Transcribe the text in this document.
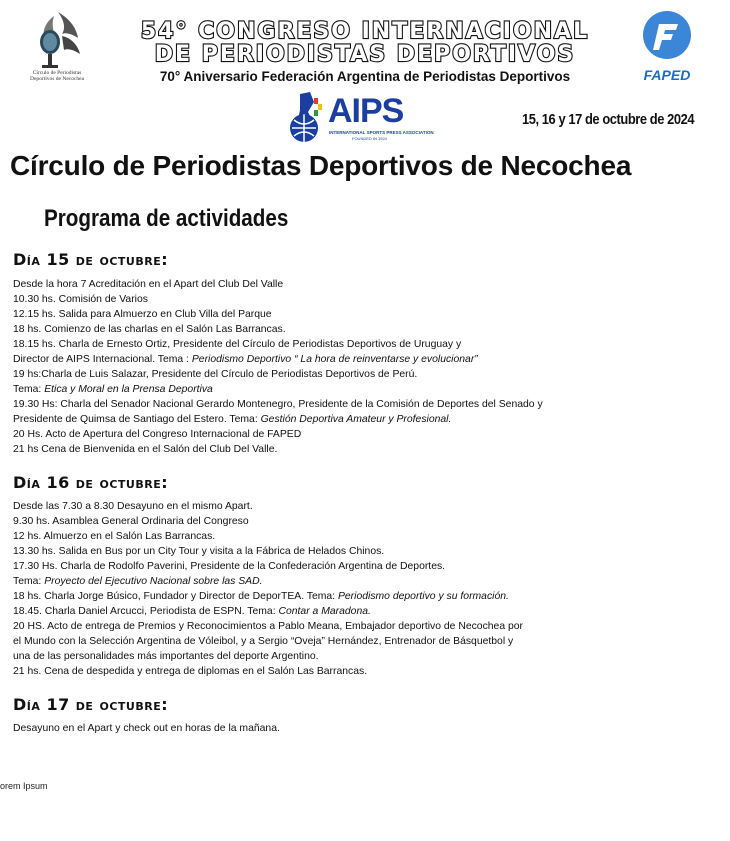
Círculo de Periodistas
Deportivos de Necochea
54° CONGRESO INTERNACIONAL
DE PERIODISTAS DEPORTIVOS
70° Aniversario Federación Argentina de Periodistas Deportivos	FAPED
AIPS
INTERNATIONAL SPORTS PRESS ASSOCIATION
FOUNDED IN 1924
15, 16 y 17 de octubre de 2024
Círculo de Periodistas Deportivos de Necochea
Programa de actividades
Día 15 de octubre:
Desde la hora 7 Acreditación en el Apart del Club Del Valle
10.30 hs. Comisión de Varios
12.15 hs. Salida para Almuerzo en Club Villa del Parque
18 hs. Comienzo de las charlas en el Salón Las Barrancas.
18.15 hs. Charla de Ernesto Ortiz, Presidente del Círculo de Periodistas Deportivos de Uruguay y
Director de AIPS Internacional. Tema : Periodismo Deportivo “ La hora de reinventarse y evolucionar”
19 hs:Charla de Luis Salazar, Presidente del Círculo de Periodistas Deportivos de Perú.
Tema: Etica y Moral en la Prensa Deportiva
19.30 Hs: Charla del Senador Nacional Gerardo Montenegro, Presidente de la Comisión de Deportes del Senado y
Presidente de Quimsa de Santiago del Estero. Tema: Gestión Deportiva Amateur y Profesional.
20 Hs. Acto de Apertura del Congreso Internacional de FAPED
21 hs Cena de Bienvenida en el Salón del Club Del Valle.
Día 16 de octubre:
Desde las 7.30 a 8.30 Desayuno en el mismo Apart.
9.30 hs. Asamblea General Ordinaria del Congreso
12 hs. Almuerzo en el Salón Las Barrancas.
13.30 hs. Salida en Bus por un City Tour y visita a la Fábrica de Helados Chinos.
17.30 Hs. Charla de Rodolfo Paverini, Presidente de la Confederación Argentina de Deportes.
Tema: Proyecto del Ejecutivo Nacional sobre las SAD.
18 hs. Charla Jorge Búsico, Fundador y Director de DeporTEA. Tema: Periodismo deportivo y su formación.
18.45. Charla Daniel Arcucci, Periodista de ESPN. Tema: Contar a Maradona.
20 HS. Acto de entrega de Premios y Reconocimientos a Pablo Meana, Embajador deportivo de Necochea por
el Mundo con la Selección Argentina de Vóleibol, y a Sergio “Oveja” Hernández, Entrenador de Básquetbol y
una de las personalidades más importantes del deporte Argentino.
21 hs. Cena de despedida y entrega de diplomas en el Salón Las Barrancas.
Día 17 de octubre:
Desayuno en el Apart y check out en horas de la mañana.
orem Ipsum
